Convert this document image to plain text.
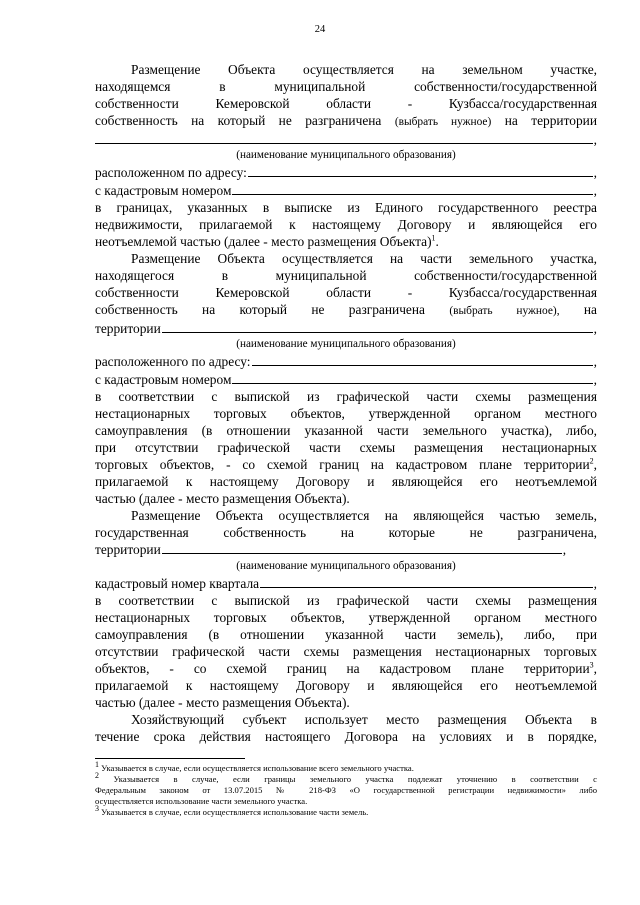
24
Размещение Объекта осуществляется на земельном участке,
находящемся в муниципальной собственности/государственной
собственности Кемеровской области - Кузбасса/государственная
собственность на который не разграничена (выбрать нужное) на территории
,
(наименование муниципального образования)
расположенном по адресу:	,
с кадастровым номером	,
в границах, указанных в выписке из Единого государственного реестра
недвижимости, прилагаемой к настоящему Договору и являющейся его
неотъемлемой частью (далее - место размещения Объекта)$^1$.
Размещение Объекта осуществляется на части земельного участка,
находящегося в муниципальной собственности/государственной
собственности Кемеровской области - Кузбасса/государственная
собственность на который не разграничена (выбрать нужное), на
территории	,
(наименование муниципального образования)
расположенного по адресу:	,
с кадастровым номером	,
в соответствии с выпиской из графической части схемы размещения
нестационарных торговых объектов, утвержденной органом местного
самоуправления (в отношении указанной части земельного участка), либо,
при отсутствии графической части схемы размещения нестационарных
торговых объектов, - со схемой границ на кадастровом плане территории$^2$,
прилагаемой к настоящему Договору и являющейся его неотъемлемой
частью (далее - место размещения Объекта).
Размещение Объекта осуществляется на являющейся частью земель,
государственная собственность на которые не разграничена,
территории	,
(наименование муниципального образования)
кадастровый номер квартала	,
в соответствии с выпиской из графической части схемы размещения
нестационарных торговых объектов, утвержденной органом местного
самоуправления (в отношении указанной части земель), либо, при
отсутствии графической части схемы размещения нестационарных торговых
объектов, - со схемой границ на кадастровом плане территории$^3$,
прилагаемой к настоящему Договору и являющейся его неотъемлемой
частью (далее - место размещения Объекта).
Хозяйствующий субъект использует место размещения Объекта в
течение срока действия настоящего Договора на условиях и в порядке,
$^1$ Указывается в случае, если осуществляется использование всего земельного участка.
$^2$ Указывается в случае, если границы земельного участка подлежат уточнению в соответствии с
Федеральным законом от 13.07.2015 № 218-ФЗ «О государственной регистрации недвижимости» либо
осуществляется использование части земельного участка.
$^3$ Указывается в случае, если осуществляется использование части земель.
